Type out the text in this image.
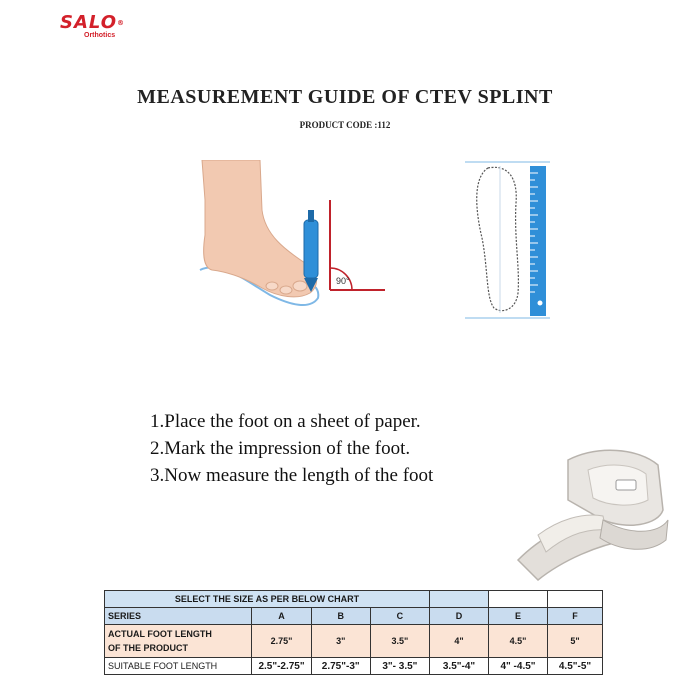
SALO®
Orthotics
MEASUREMENT GUIDE OF CTEV SPLINT
PRODUCT CODE :112
90°
1.Place the foot on a sheet of paper.
2.Mark the impression of the foot.
3.Now measure the length of the foot
SELECT THE SIZE AS PER BELOW CHART						
SERIES	A	B	C	D	E	F
ACTUAL FOOT LENGTH
OF THE PRODUCT	2.75"	3"	3.5"	4"	4.5"	5"
SUITABLE FOOT LENGTH	2.5"-2.75"	2.75"-3"	3"- 3.5"	3.5"-4"	4" -4.5"	4.5"-5"
